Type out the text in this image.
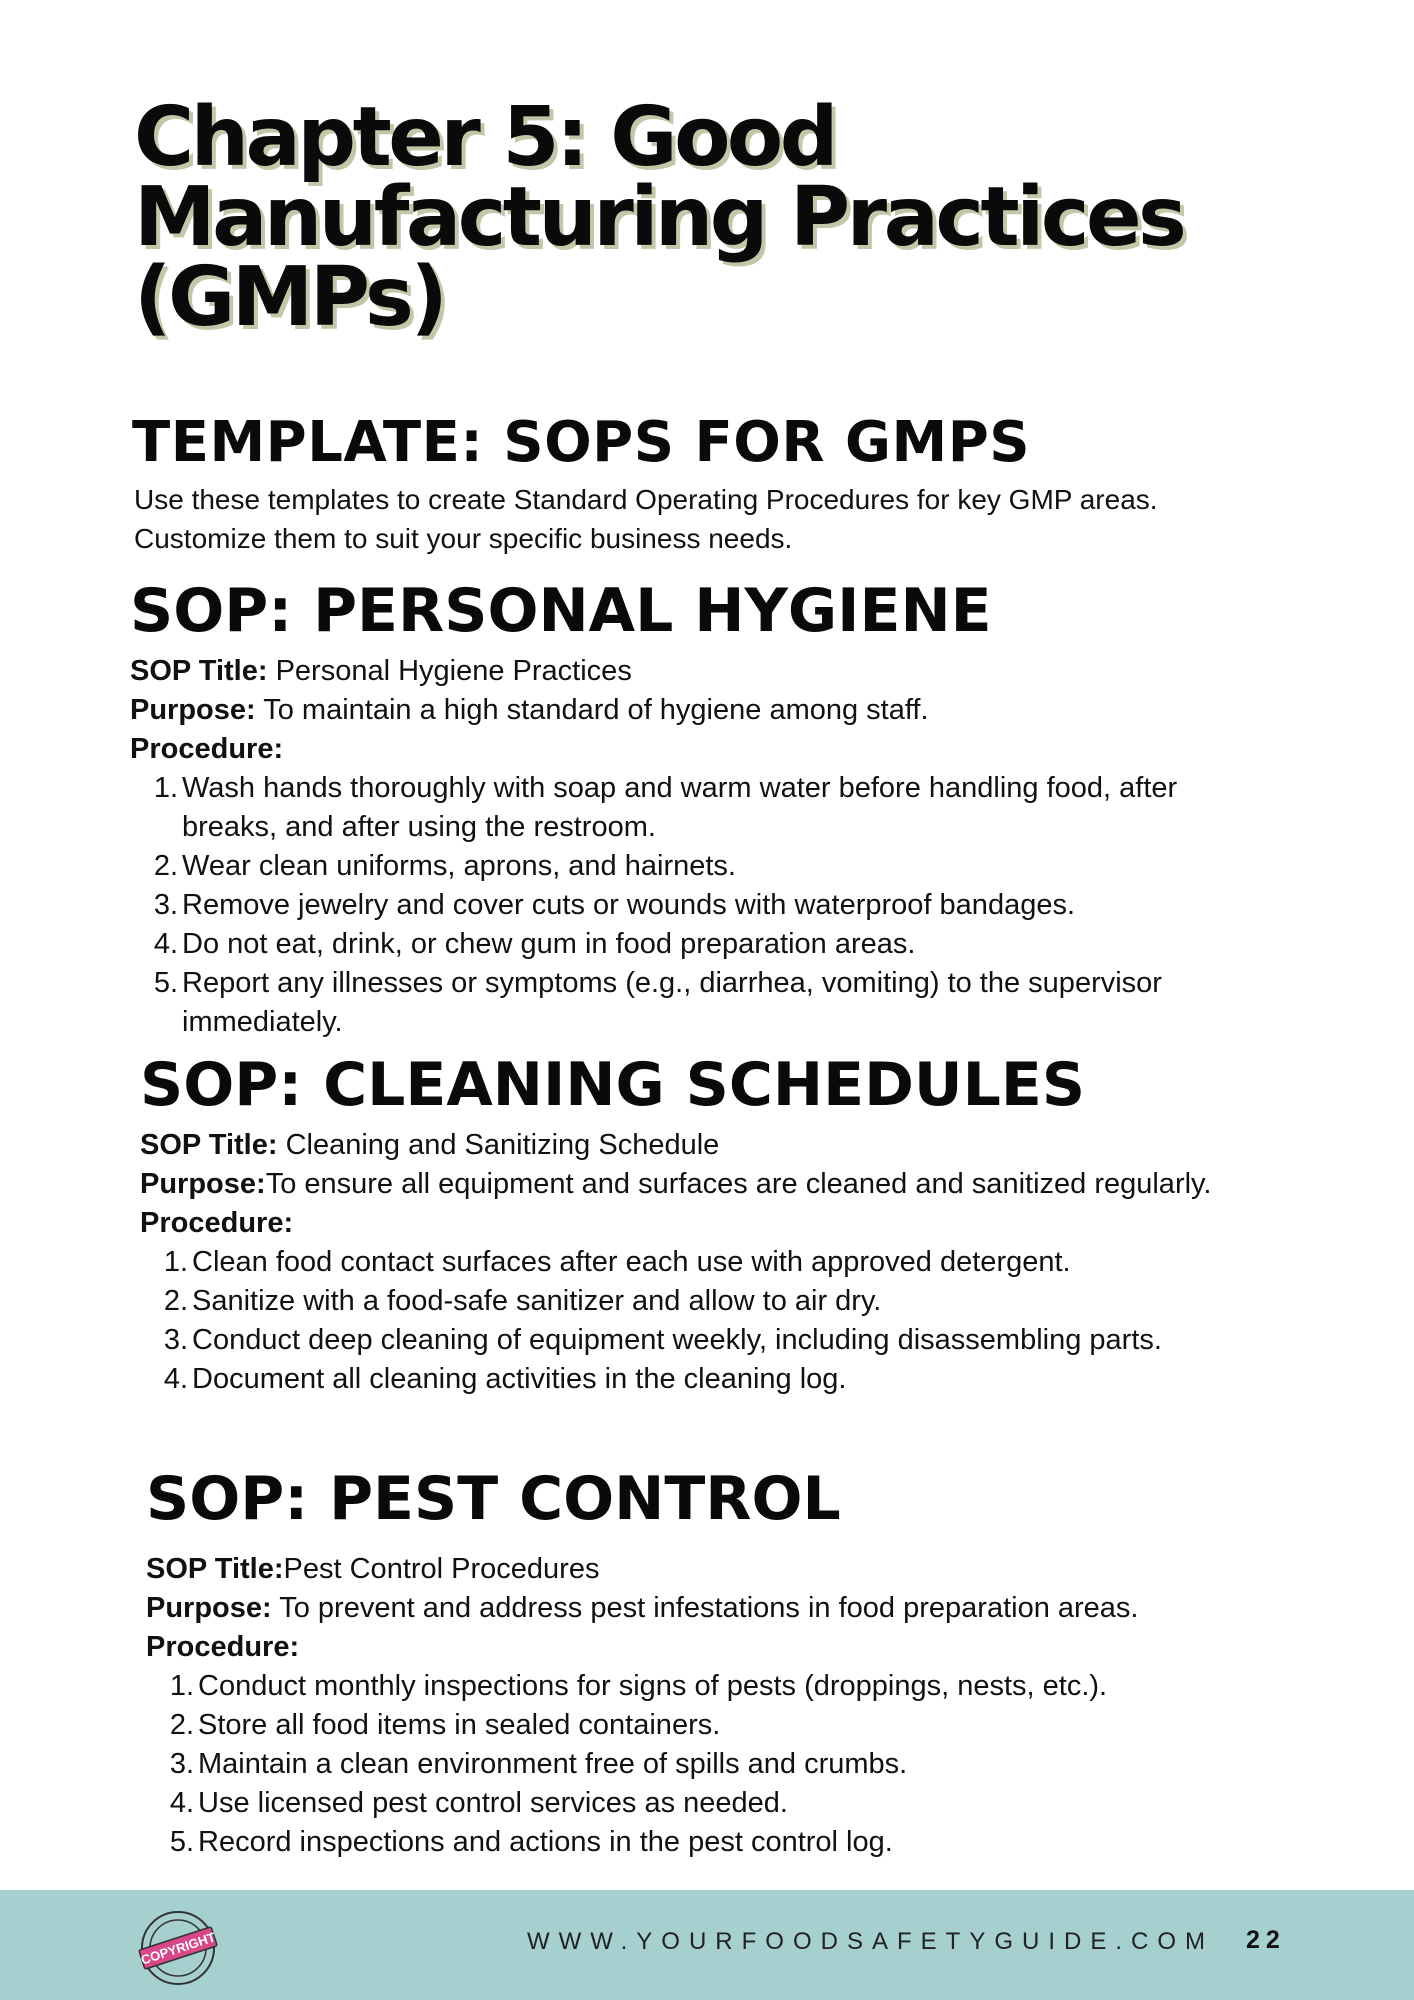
Chapter 5: Good Manufacturing Practices (GMPs)
TEMPLATE: SOPS FOR GMPS
Use these templates to create Standard Operating Procedures for key GMP areas.
Customize them to suit your specific business needs.
SOP: PERSONAL HYGIENE

SOP Title: Personal Hygiene Practices

Purpose: To maintain a high standard of hygiene among staff.

Procedure:

1. Wash hands thoroughly with soap and warm water before handling food, after breaks, and after using the restroom.
2. Wear clean uniforms, aprons, and hairnets.
3. Remove jewelry and cover cuts or wounds with waterproof bandages.
4. Do not eat, drink, or chew gum in food preparation areas.
5. Report any illnesses or symptoms (e.g., diarrhea, vomiting) to the supervisor immediately.
SOP: CLEANING SCHEDULES

SOP Title: Cleaning and Sanitizing Schedule

Purpose:To ensure all equipment and surfaces are cleaned and sanitized regularly.

Procedure:

1. Clean food contact surfaces after each use with approved detergent.
2. Sanitize with a food-safe sanitizer and allow to air dry.
3. Conduct deep cleaning of equipment weekly, including disassembling parts.
4. Document all cleaning activities in the cleaning log.
SOP: PEST CONTROL

SOP Title:Pest Control Procedures

Purpose: To prevent and address pest infestations in food preparation areas.

Procedure:

1. Conduct monthly inspections for signs of pests (droppings, nests, etc.).
2. Store all food items in sealed containers.
3. Maintain a clean environment free of spills and crumbs.
4. Use licensed pest control services as needed.
5. Record inspections and actions in the pest control log.
COPYRIGHT	WWW.YOURFOODSAFETYGUIDE.COM 22
